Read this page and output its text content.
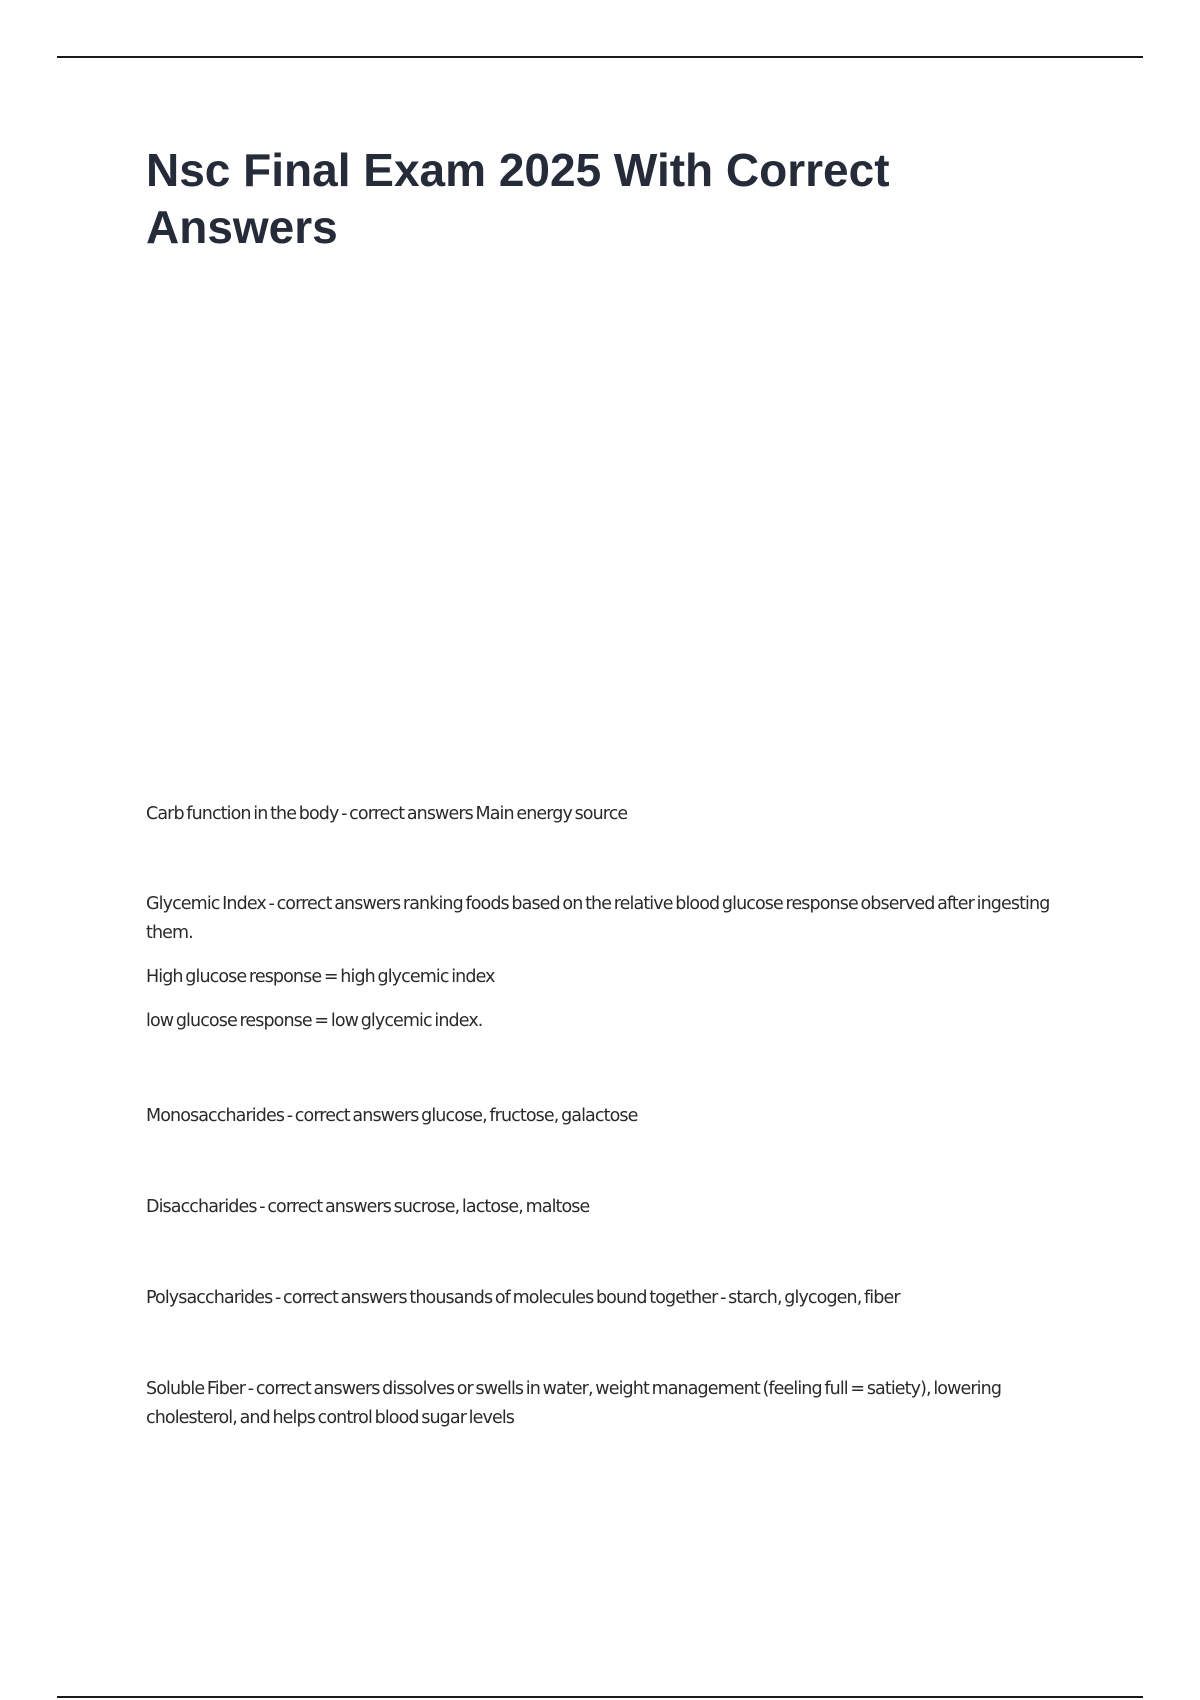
Nsc Final Exam 2025 With Correct Answers

Carb function in the body - correct answers Main energy source

Glycemic Index - correct answers ranking foods based on the relative blood glucose response observed after ingesting them.

High glucose response = high glycemic index

low glucose response = low glycemic index.

Monosaccharides - correct answers glucose, fructose, galactose

Disaccharides - correct answers sucrose, lactose, maltose

Polysaccharides - correct answers thousands of molecules bound together - starch, glycogen, fiber

Soluble Fiber - correct answers dissolves or swells in water, weight management (feeling full = satiety), lowering cholesterol, and helps control blood sugar levels
